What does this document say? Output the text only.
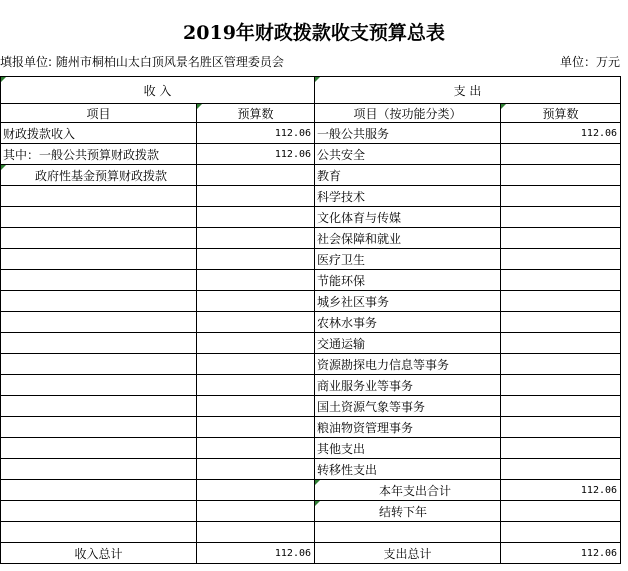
2019年财政拨款收支预算总表
填报单位: 随州市桐柏山太白顶风景名胜区管理委员会	单位：万元
收 入		支 出	
项目	预算数	项目（按功能分类）	预算数
财政拨款收入	112.06	一般公共服务	112.06
其中：一般公共预算财政拨款	112.06	公共安全	
政府性基金预算财政拨款		教育	
		科学技术	
		文化体育与传媒	
		社会保障和就业	
		医疗卫生	
		节能环保	
		城乡社区事务	
		农林水事务	
		交通运输	
		资源勘探电力信息等事务	
		商业服务业等事务	
		国土资源气象等事务	
		粮油物资管理事务	
		其他支出	
		转移性支出	
		本年支出合计	112.06
		结转下年	

收入总计	112.06	支出总计	112.06
